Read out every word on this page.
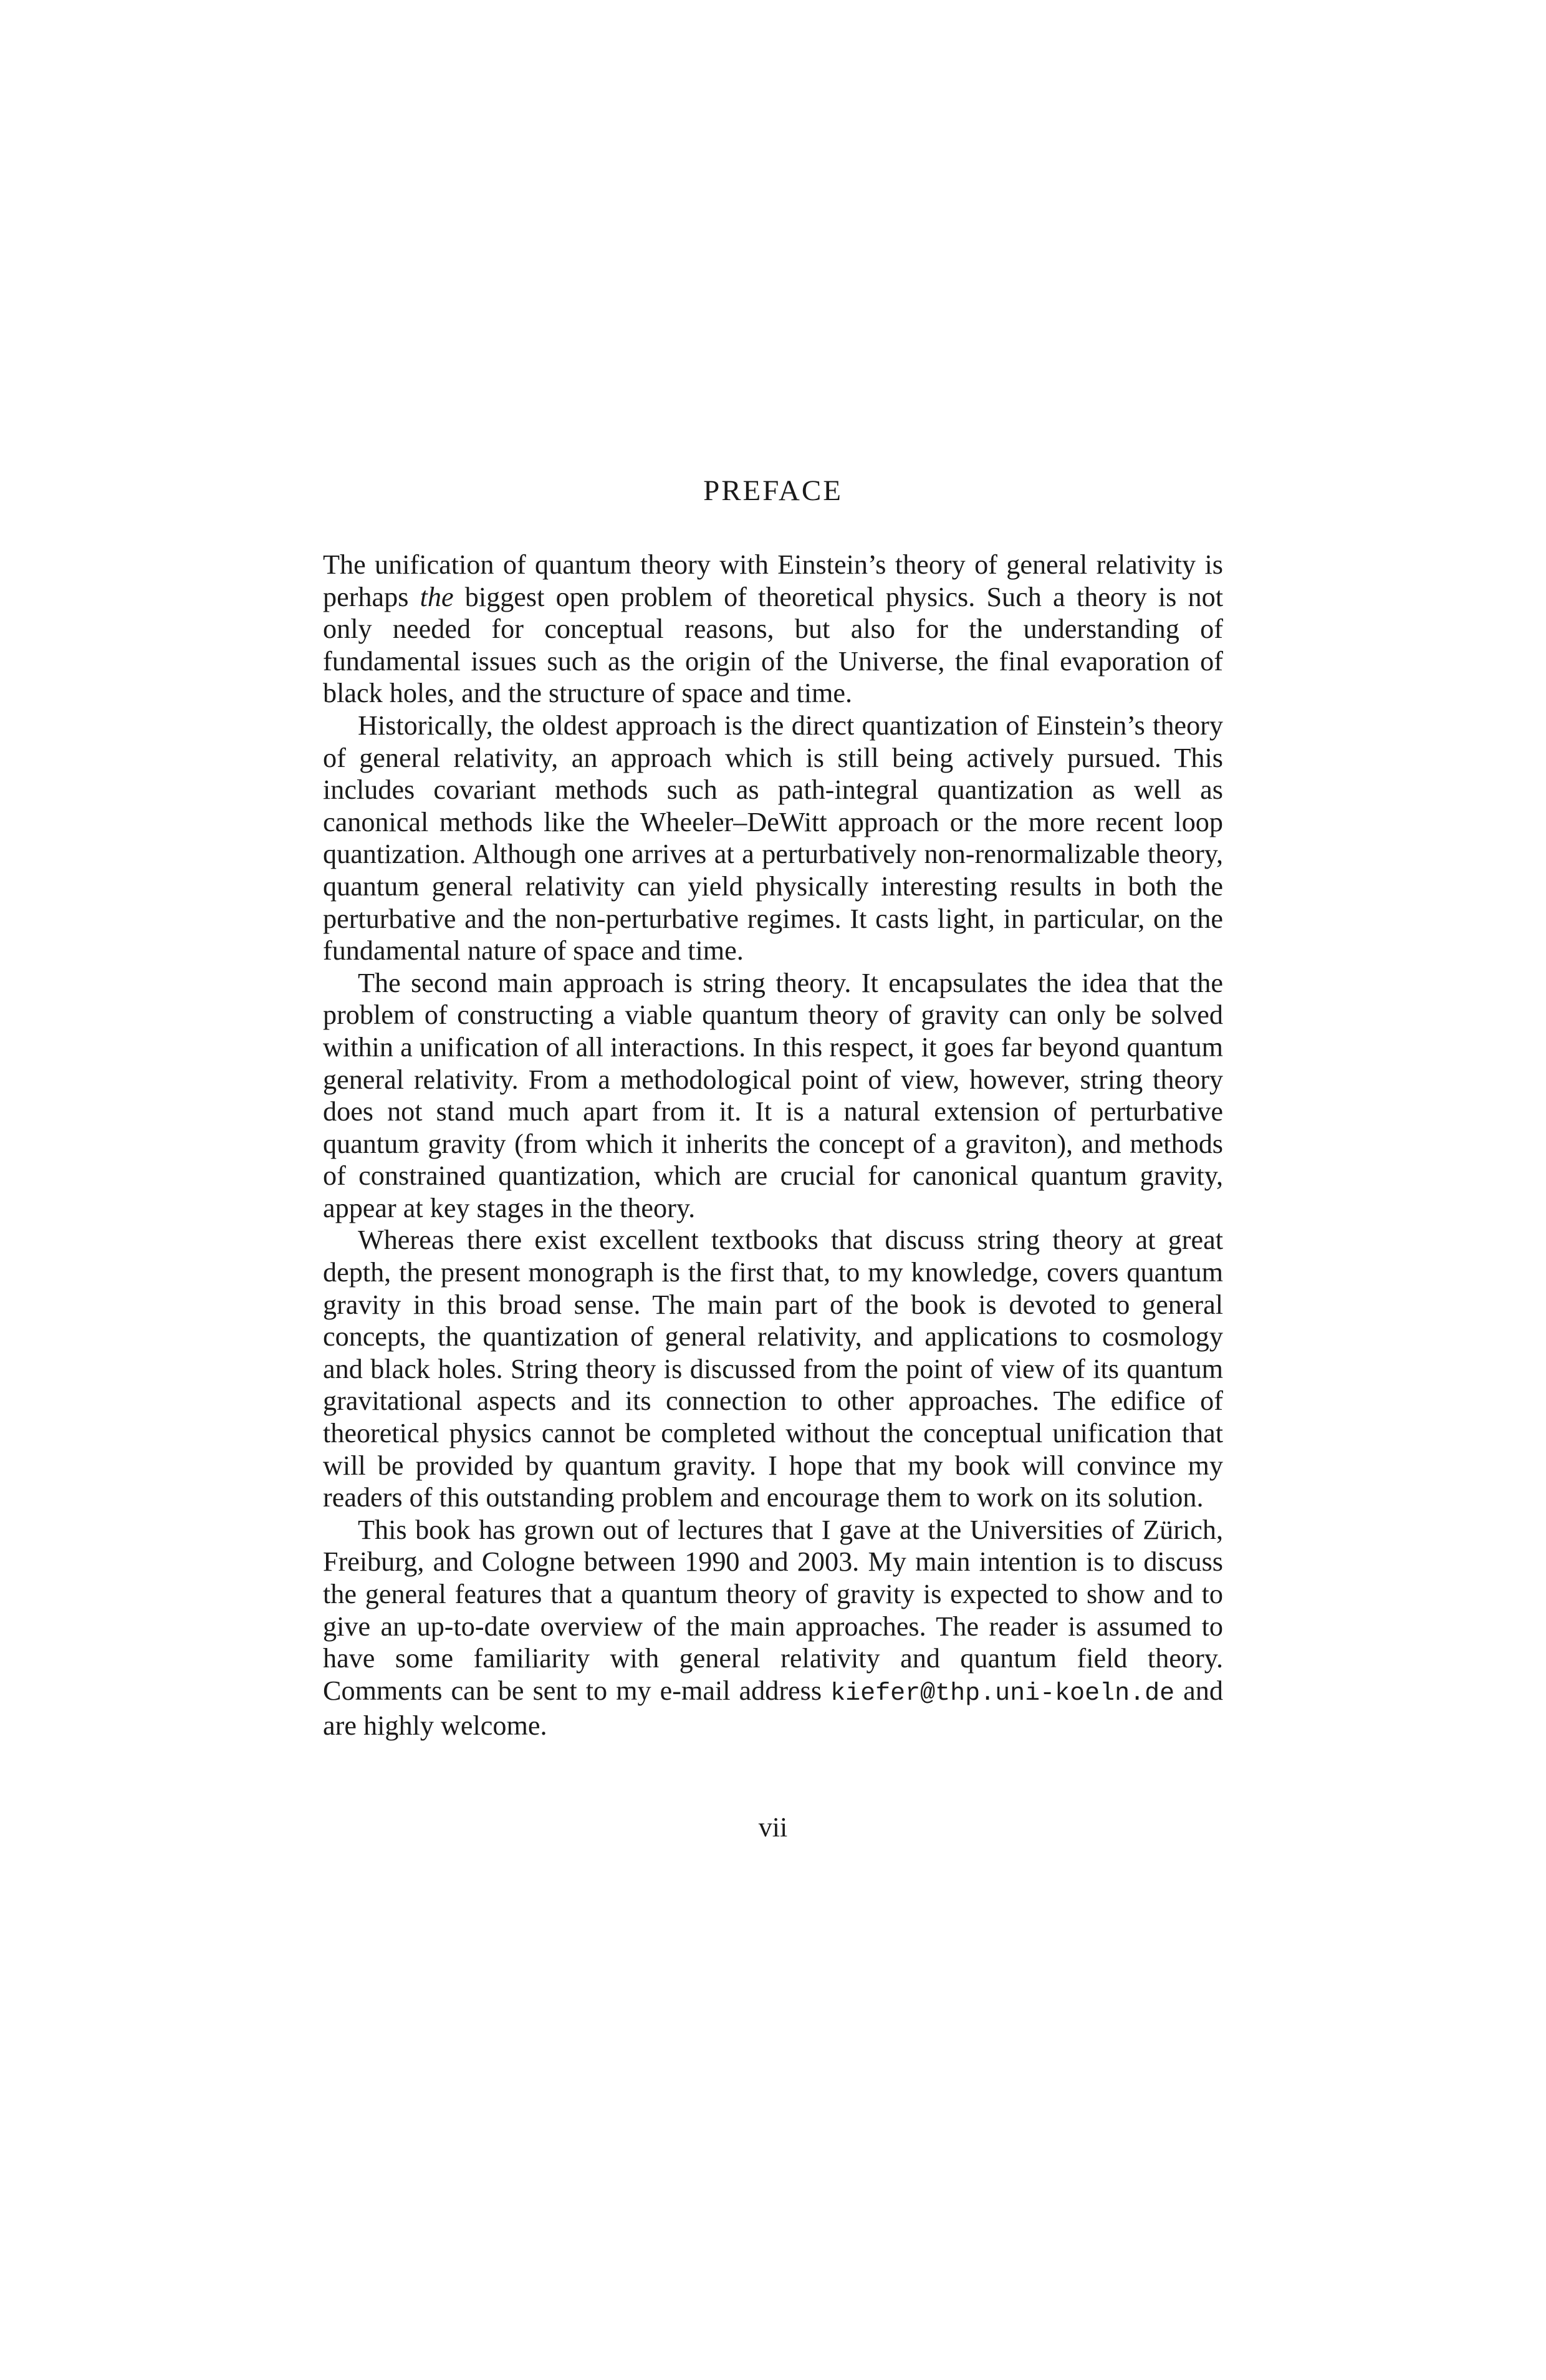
PREFACE

The unification of quantum theory with Einstein’s theory of general relativity is perhaps the biggest open problem of theoretical physics. Such a theory is not only needed for conceptual reasons, but also for the understanding of fundamental issues such as the origin of the Universe, the final evaporation of black holes, and the structure of space and time.

Historically, the oldest approach is the direct quantization of Einstein’s theory of general relativity, an approach which is still being actively pursued. This includes covariant methods such as path-integral quantization as well as canonical methods like the Wheeler–DeWitt approach or the more recent loop quantization. Although one arrives at a perturbatively non-renormalizable theory, quantum general relativity can yield physically interesting results in both the perturbative and the non-perturbative regimes. It casts light, in particular, on the fundamental nature of space and time.

The second main approach is string theory. It encapsulates the idea that the problem of constructing a viable quantum theory of gravity can only be solved within a unification of all interactions. In this respect, it goes far beyond quantum general relativity. From a methodological point of view, however, string theory does not stand much apart from it. It is a natural extension of perturbative quantum gravity (from which it inherits the concept of a graviton), and methods of constrained quantization, which are crucial for canonical quantum gravity, appear at key stages in the theory.

Whereas there exist excellent textbooks that discuss string theory at great depth, the present monograph is the first that, to my knowledge, covers quantum gravity in this broad sense. The main part of the book is devoted to general concepts, the quantization of general relativity, and applications to cosmology and black holes. String theory is discussed from the point of view of its quantum gravitational aspects and its connection to other approaches. The edifice of theoretical physics cannot be completed without the conceptual unification that will be provided by quantum gravity. I hope that my book will convince my readers of this outstanding problem and encourage them to work on its solution.

This book has grown out of lectures that I gave at the Universities of Zürich, Freiburg, and Cologne between 1990 and 2003. My main intention is to discuss the general features that a quantum theory of gravity is expected to show and to give an up-to-date overview of the main approaches. The reader is assumed to have some familiarity with general relativity and quantum field theory. Comments can be sent to my e-mail address kiefer@thp.uni-koeln.de and are highly welcome.

vii
